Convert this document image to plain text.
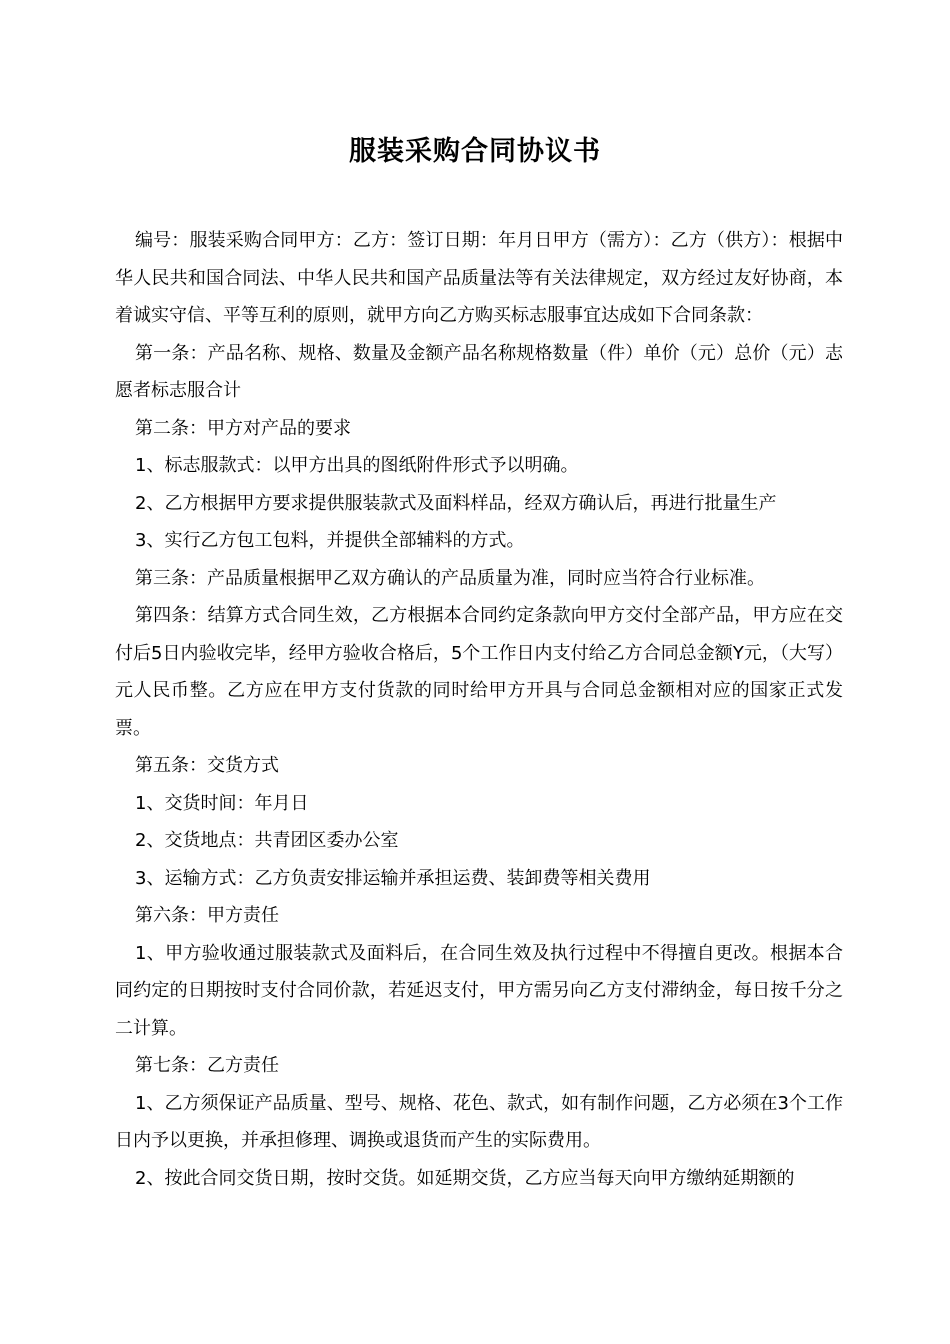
服装采购合同协议书

编号：服装采购合同甲方：乙方：签订日期：年月日甲方（需方）：乙方（供方）：根据中华人民共和国合同法、中华人民共和国产品质量法等有关法律规定，双方经过友好协商，本着诚实守信、平等互利的原则，就甲方向乙方购买标志服事宜达成如下合同条款：

第一条：产品名称、规格、数量及金额产品名称规格数量（件）单价（元）总价（元）志愿者标志服合计

第二条：甲方对产品的要求

1、标志服款式：以甲方出具的图纸附件形式予以明确。

2、乙方根据甲方要求提供服装款式及面料样品，经双方确认后，再进行批量生产

3、实行乙方包工包料，并提供全部辅料的方式。

第三条：产品质量根据甲乙双方确认的产品质量为准，同时应当符合行业标准。

第四条：结算方式合同生效，乙方根据本合同约定条款向甲方交付全部产品，甲方应在交付后5日内验收完毕，经甲方验收合格后，5个工作日内支付给乙方合同总金额Y元，（大写）元人民币整。乙方应在甲方支付货款的同时给甲方开具与合同总金额相对应的国家正式发票。

第五条：交货方式

1、交货时间：年月日

2、交货地点：共青团区委办公室

3、运输方式：乙方负责安排运输并承担运费、装卸费等相关费用

第六条：甲方责任

1、甲方验收通过服装款式及面料后，在合同生效及执行过程中不得擅自更改。根据本合同约定的日期按时支付合同价款，若延迟支付，甲方需另向乙方支付滞纳金，每日按千分之二计算。

第七条：乙方责任

1、乙方须保证产品质量、型号、规格、花色、款式，如有制作问题，乙方必须在3个工作日内予以更换，并承担修理、调换或退货而产生的实际费用。

2、按此合同交货日期，按时交货。如延期交货，乙方应当每天向甲方缴纳延期额的
